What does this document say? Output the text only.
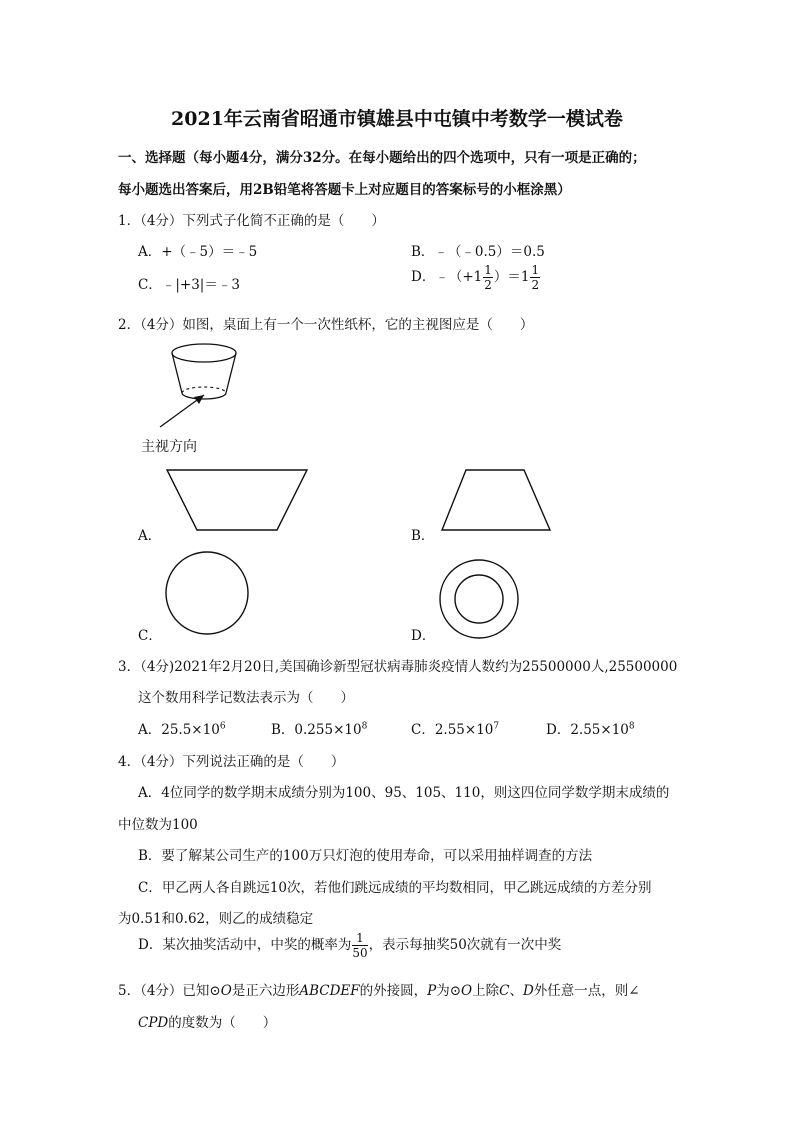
2021年云南省昭通市镇雄县中屯镇中考数学一模试卷
一、选择题（每小题4分，满分32分。在每小题给出的四个选项中，只有一项是正确的；
每小题选出答案后，用2B铅笔将答题卡上对应题目的答案标号的小框涂黑）
1．（4分）下列式子化简不正确的是（　　）
A．+（﹣5）＝﹣5	B．﹣（﹣0.5）＝0.5
C．﹣|+3|＝﹣3	D．﹣（+1 $\frac{1}{2} )=1 \frac{1}{2}$
2．（4分）如图，桌面上有一个一次性纸杯，它的主视图应是（　　）
主视方向
A．	B．
C．	D．
3．（4分)2021年2月20日,美国确诊新型冠状病毒肺炎疫情人数约为25500000人,25500000
这个数用科学记数法表示为（　　）
A．$25.5\times 10^6$	B．$0.255\times 10^8$	C．$2.55\times 10^7$	D．$2.55\times 10^8$
4．（4分）下列说法正确的是（　　）
A．4位同学的数学期末成绩分别为100、95、105、110，则这四位同学数学期末成绩的
中位数为100
B．要了解某公司生产的100万只灯泡的使用寿命，可以采用抽样调查的方法
C．甲乙两人各自跳远10次，若他们跳远成绩的平均数相同，甲乙跳远成绩的方差分别
为0.51和0.62，则乙的成绩稳定
D．某次抽奖活动中，中奖的概率为 $\frac{1}{50}$ ，表示每抽奖50次就有一次中奖
5．（4分）已知⊙O是正六边形ABCDEF的外接圆，P为⊙O上除C、D外任意一点，则∠
CPD的度数为（　　）
